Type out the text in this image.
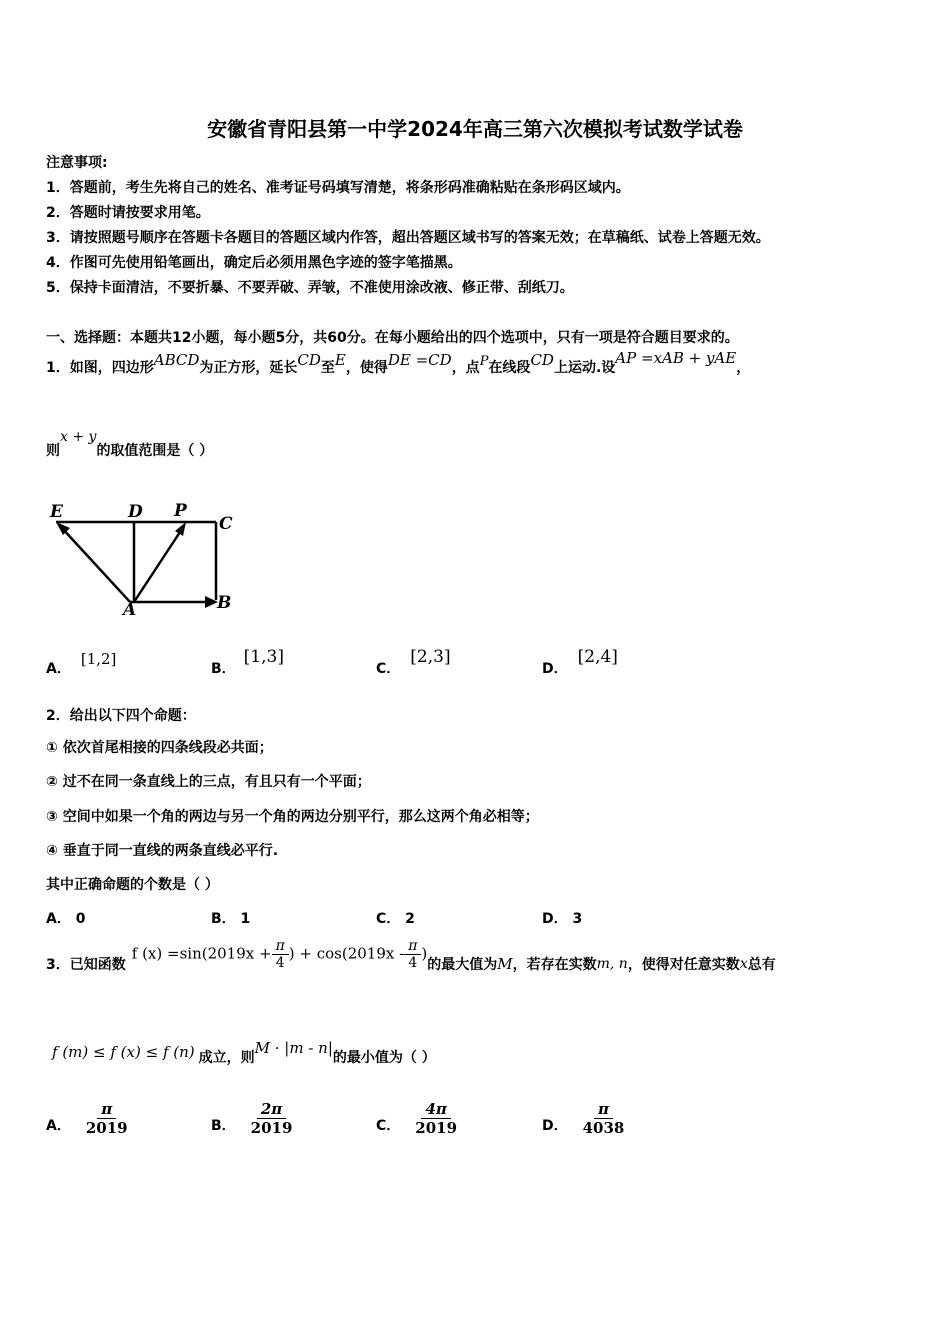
安徽省青阳县第一中学2024年高三第六次模拟考试数学试卷
注意事项:
1．答题前，考生先将自己的姓名、准考证号码填写清楚，将条形码准确粘贴在条形码区域内。
2．答题时请按要求用笔。
3．请按照题号顺序在答题卡各题目的答题区域内作答，超出答题区域书写的答案无效；在草稿纸、试卷上答题无效。
4．作图可先使用铅笔画出，确定后必须用黑色字迹的签字笔描黑。
5．保持卡面清洁，不要折暴、不要弄破、弄皱，不准使用涂改液、修正带、刮纸刀。
一、选择题：本题共12小题，每小题5分，共60分。在每小题给出的四个选项中，只有一项是符合题目要求的。
1．如图，四边形ABCD为正方形，延长CD至E，使得DE =CD，点P在线段CD上运动.设AP =xAB + yAE，
则x + y的取值范围是（ ）
E	D P
C
A	B
A．[1,2]
B．[1,3]
C．[2,3]
D．[2,4]
2．给出以下四个命题：
① 依次首尾相接的四条线段必共面；
② 过不在同一条直线上的三点，有且只有一个平面；
③ 空间中如果一个角的两边与另一个角的两边分别平行，那么这两个角必相等；
④ 垂直于同一直线的两条直线必平行.
其中正确命题的个数是（ ）
A． 0	B． 1	C． 2	D． 3
3．已知函数
f $(x) =\sin(2019x + \frac{\pi}{4}$ ) + $\cos(2019x - \frac{\pi}{4}$ )
的最大值为 M ，若存在实数 m, n ，使得对任意实数 x 总有
f (m) ≤ f (x) ≤ f (n) 成立，则M · |m - n|的最小值为（ ）
A． $\frac{\pi}{2019}$	B． $\frac{2\pi}{2019}$	C． $\frac{4\pi}{2019}$	D． $\frac{\pi}{4038}$
